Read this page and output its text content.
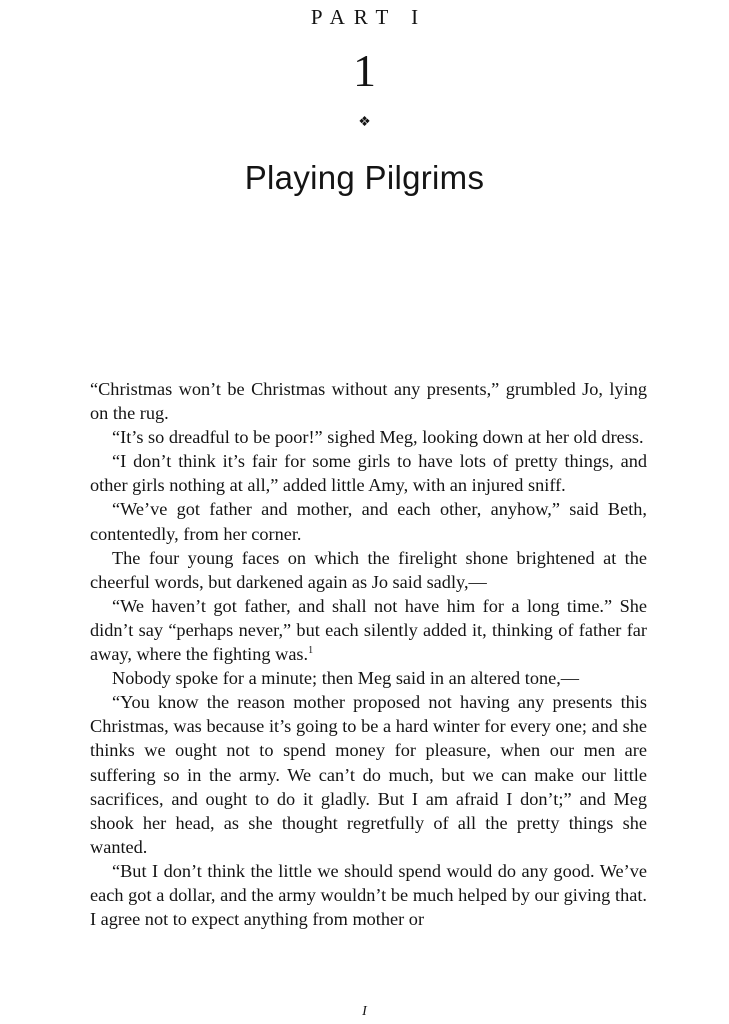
PART I
1
❖
Playing Pilgrims

“Christmas won’t be Christmas without any presents,” grumbled Jo, lying on the rug.

“It’s so dreadful to be poor!” sighed Meg, looking down at her old dress.

“I don’t think it’s fair for some girls to have lots of pretty things, and other girls nothing at all,” added little Amy, with an injured sniff.

“We’ve got father and mother, and each other, anyhow,” said Beth, contentedly, from her corner.

The four young faces on which the firelight shone brightened at the cheerful words, but darkened again as Jo said sadly,—

“We haven’t got father, and shall not have him for a long time.” She didn’t say “perhaps never,” but each silently added it, thinking of father far away, where the fighting was.$^1$

Nobody spoke for a minute; then Meg said in an altered tone,—

“You know the reason mother proposed not having any presents this Christmas, was because it’s going to be a hard winter for every one; and she thinks we ought not to spend money for pleasure, when our men are suffering so in the army. We can’t do much, but we can make our little sacrifices, and ought to do it gladly. But I am afraid I don’t;” and Meg shook her head, as she thought regretfully of all the pretty things she wanted.

“But I don’t think the little we should spend would do any good. We’ve each got a dollar, and the army wouldn’t be much helped by our giving that. I agree not to expect anything from mother or

I
